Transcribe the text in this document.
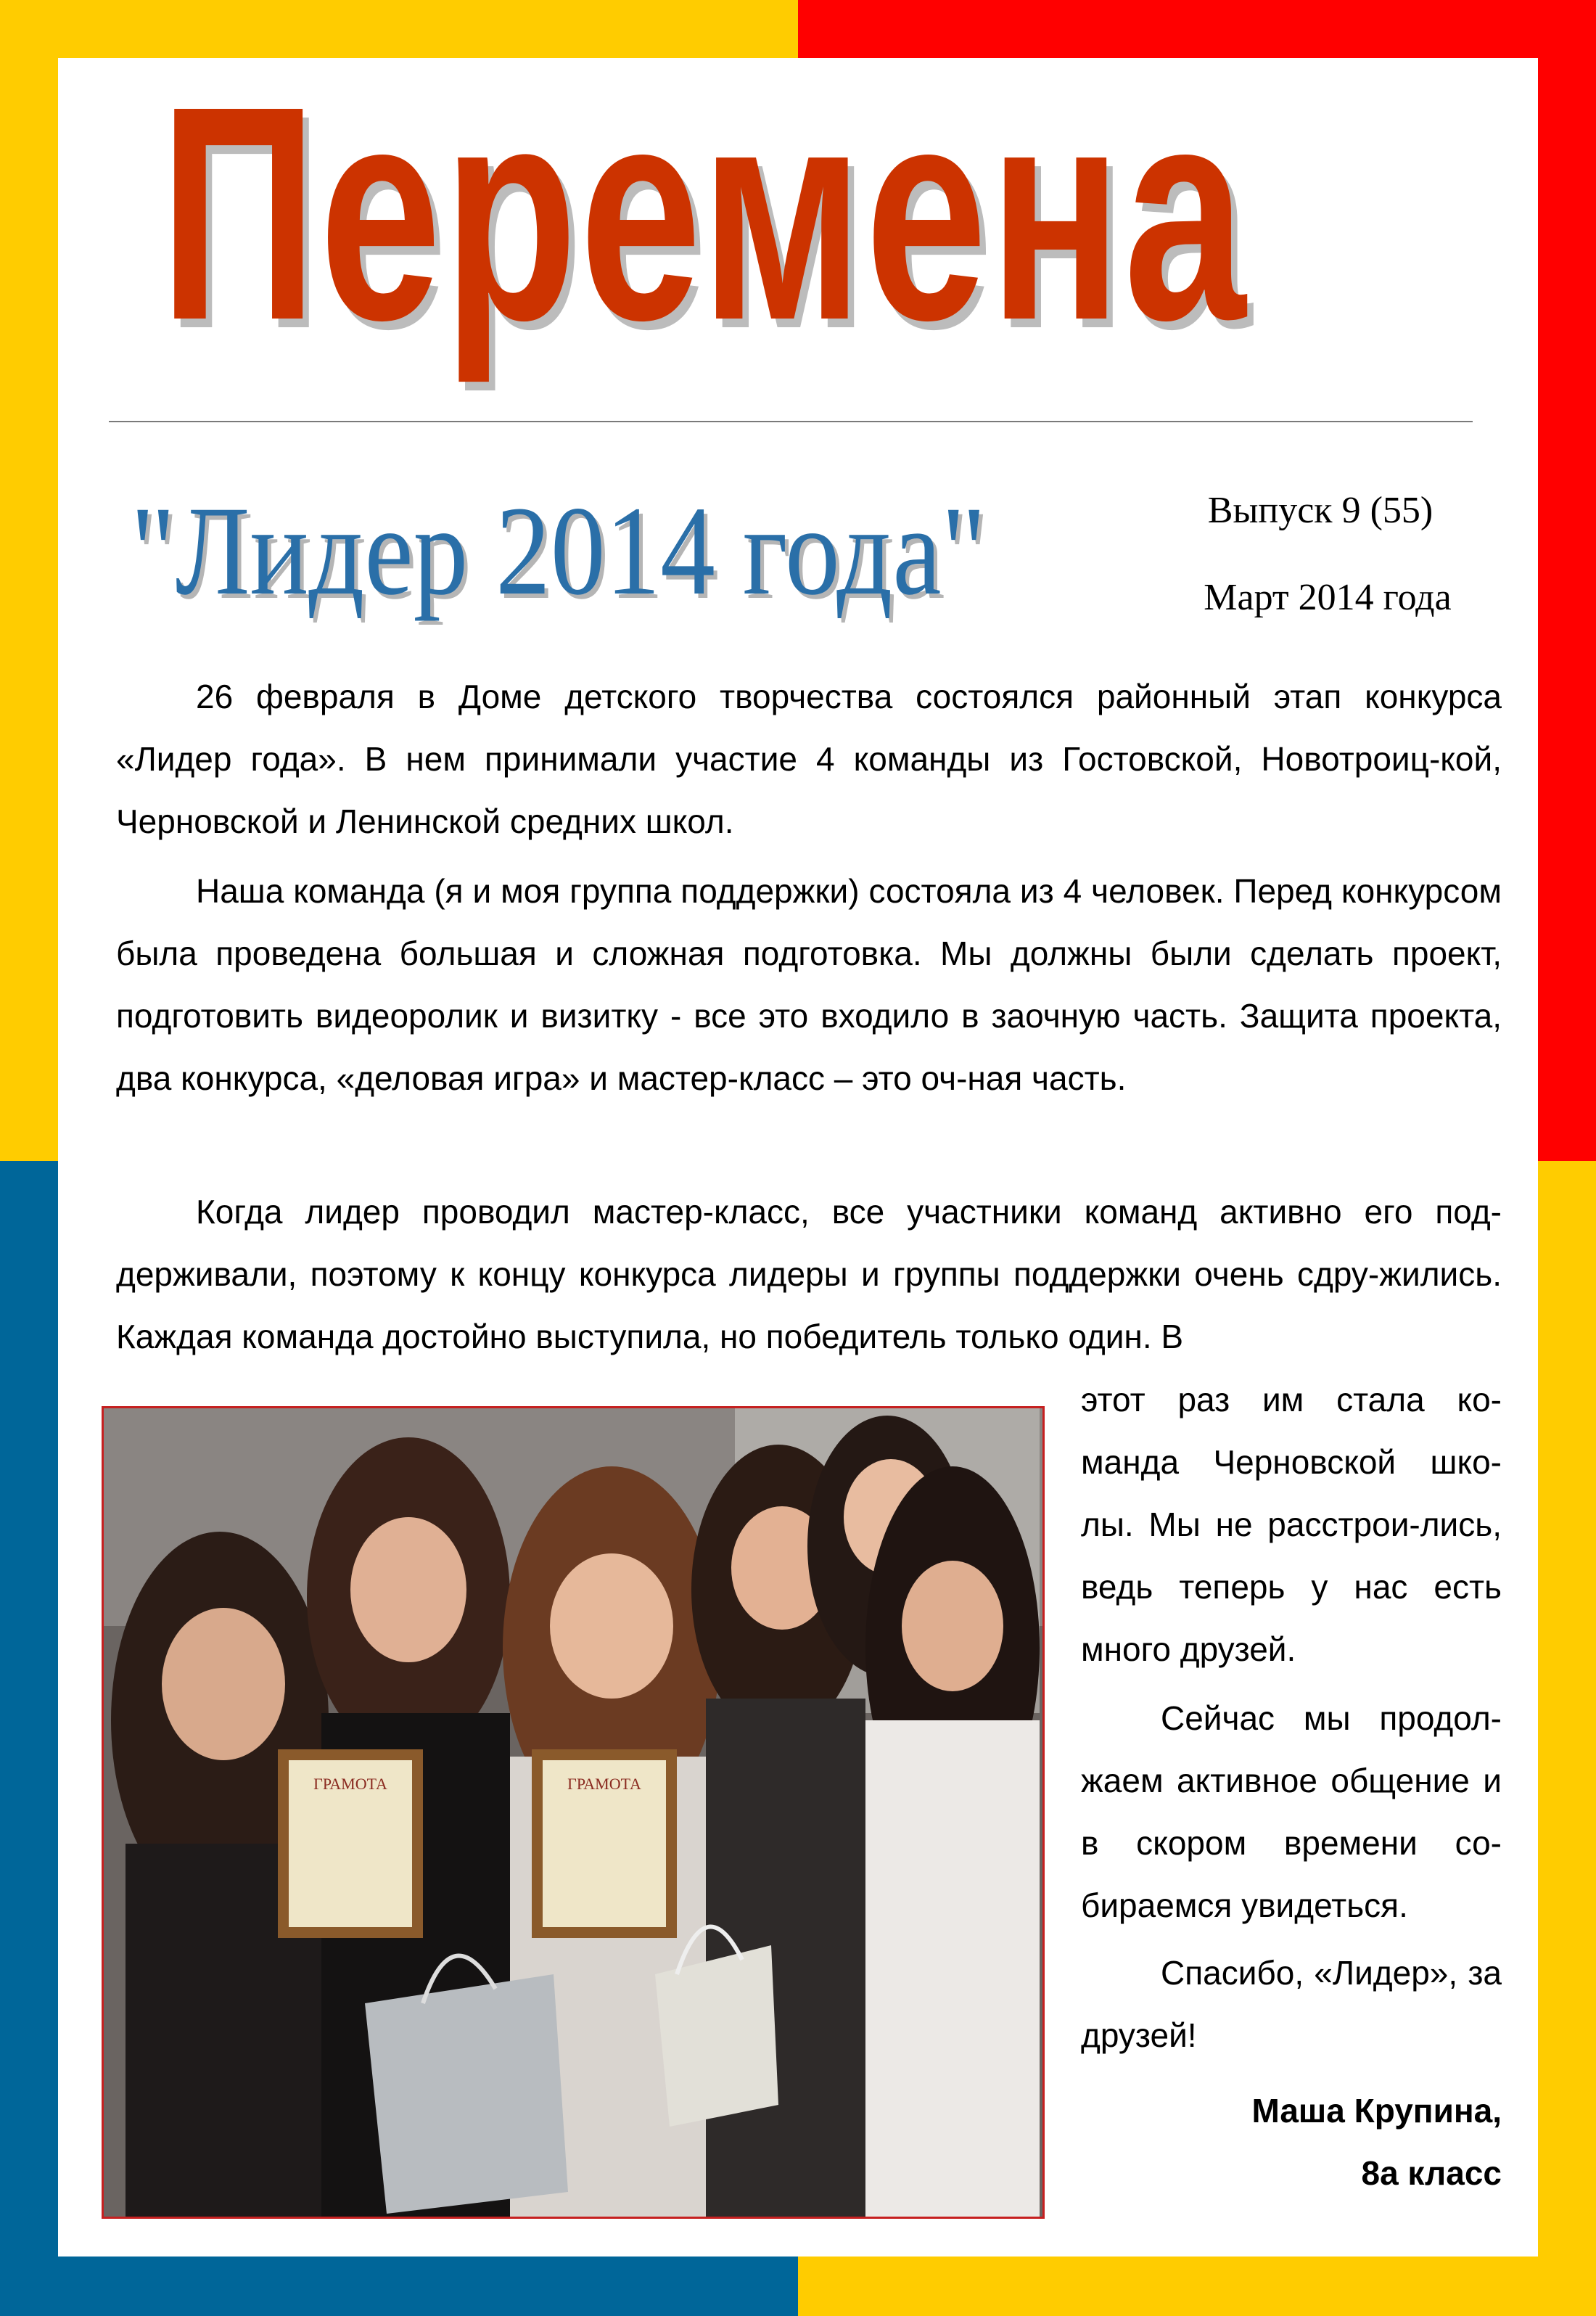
Перемена
"Лидер 2014 года"	Выпуск 9 (55)
Март 2014 года

26 февраля в Доме детского творчества состоялся районный этап конкурса «Лидер года». В нем принимали участие 4 команды из Гостовской, Новотроиц-кой, Черновской и Ленинской средних школ.

Наша команда (я и моя группа поддержки) состояла из 4 человек. Перед конкурсом была проведена большая и сложная подготовка. Мы должны были сделать проект, подготовить видеоролик и визитку - все это входило в заочную часть. Защита проекта, два конкурса, «деловая игра» и мастер-класс – это оч-ная часть.

Когда лидер проводил мастер-класс, все участники команд активно его под-держивали, поэтому к концу конкурса лидеры и группы поддержки очень сдру-жились. Каждая команда достойно выступила, но победитель только один. В

этот раз им стала ко-манда Черновской шко-лы. Мы не расстрои-лись, ведь теперь у нас есть много друзей.

Сейчас мы продол-жаем активное общение и в скором времени со-бираемся увидеться.

Спасибо, «Лидер», за друзей!

Маша Крупина,
8а класс
ГРАМОТА	ГРАМОТА
